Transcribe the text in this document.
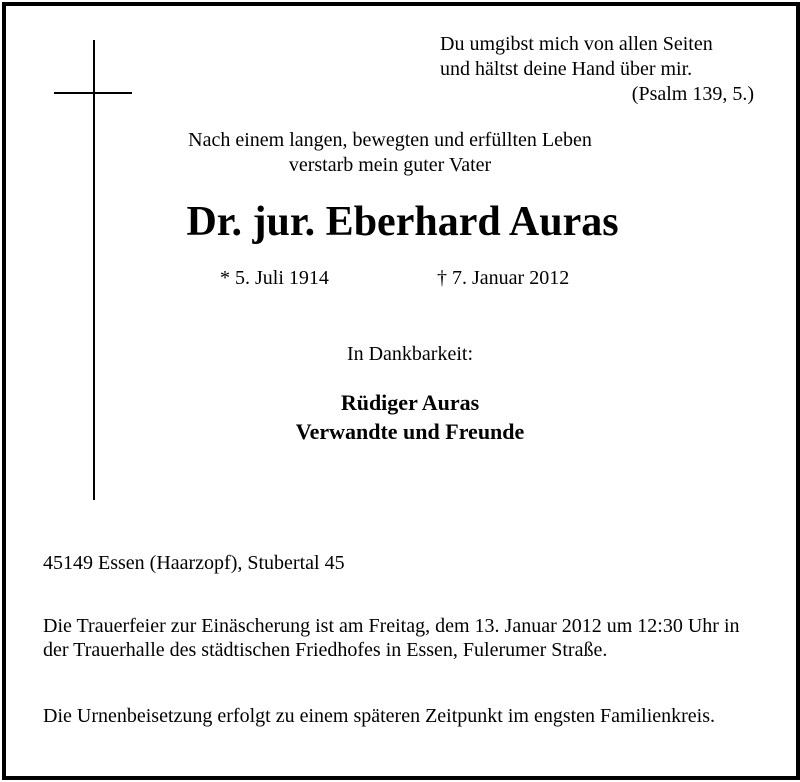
Du umgibst mich von allen Seiten
und hältst deine Hand über mir.
(Psalm 139, 5.)
Nach einem langen, bewegten und erfüllten Leben
verstarb mein guter Vater
Dr. jur. Eberhard Auras
* 5. Juli 1914	† 7. Januar 2012
In Dankbarkeit:
Rüdiger Auras
Verwandte und Freunde
45149 Essen (Haarzopf), Stubertal 45
Die Trauerfeier zur Einäscherung ist am Freitag, dem 13. Januar 2012 um 12:30 Uhr in der Trauerhalle des städtischen Friedhofes in Essen, Fulerumer Straße.
Die Urnenbeisetzung erfolgt zu einem späteren Zeitpunkt im engsten Familienkreis.
